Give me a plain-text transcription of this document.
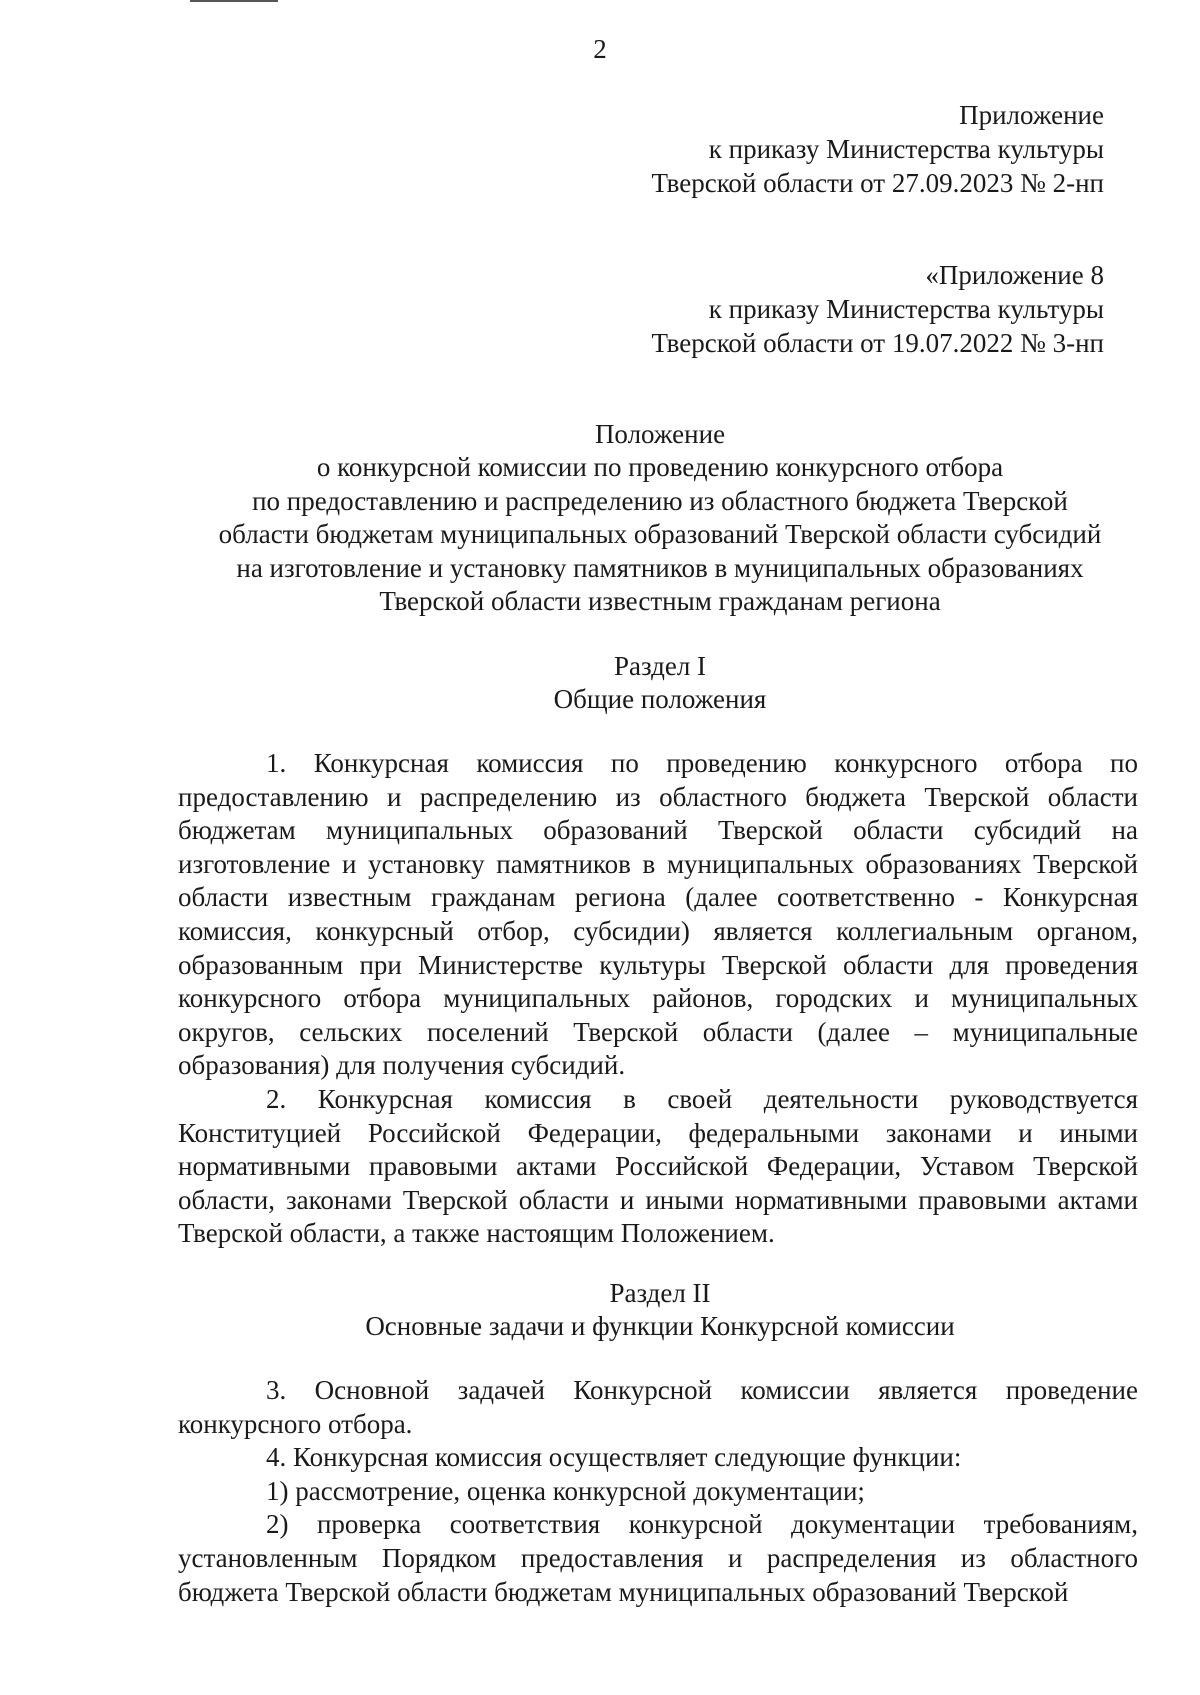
2
Приложение
к приказу Министерства культуры
Тверской области от 27.09.2023 № 2-нп
«Приложение 8
к приказу Министерства культуры
Тверской области от 19.07.2022 № 3-нп
Положение
о конкурсной комиссии по проведению конкурсного отбора
по предоставлению и распределению из областного бюджета Тверской
области бюджетам муниципальных образований Тверской области субсидий
на изготовление и установку памятников в муниципальных образованиях
Тверской области известным гражданам региона
Раздел I
Общие положения

1. Конкурсная комиссия по проведению конкурсного отбора по предоставлению и распределению из областного бюджета Тверской области бюджетам муниципальных образований Тверской области субсидий на изготовление и установку памятников в муниципальных образованиях Тверской области известным гражданам региона (далее соответственно - Конкурсная комиссия, конкурсный отбор, субсидии) является коллегиальным органом, образованным при Министерстве культуры Тверской области для проведения конкурсного отбора муниципальных районов, городских и муниципальных округов, сельских поселений Тверской области (далее – муниципальные образования) для получения субсидий.

2. Конкурсная комиссия в своей деятельности руководствуется Конституцией Российской Федерации, федеральными законами и иными нормативными правовыми актами Российской Федерации, Уставом Тверской области, законами Тверской области и иными нормативными правовыми актами Тверской области, а также настоящим Положением.

Раздел II
Основные задачи и функции Конкурсной комиссии

3. Основной задачей Конкурсной комиссии является проведение конкурсного отбора.

4. Конкурсная комиссия осуществляет следующие функции:

1) рассмотрение, оценка конкурсной документации;

2) проверка соответствия конкурсной документации требованиям, установленным Порядком предоставления и распределения из областного бюджета Тверской области бюджетам муниципальных образований Тверской
